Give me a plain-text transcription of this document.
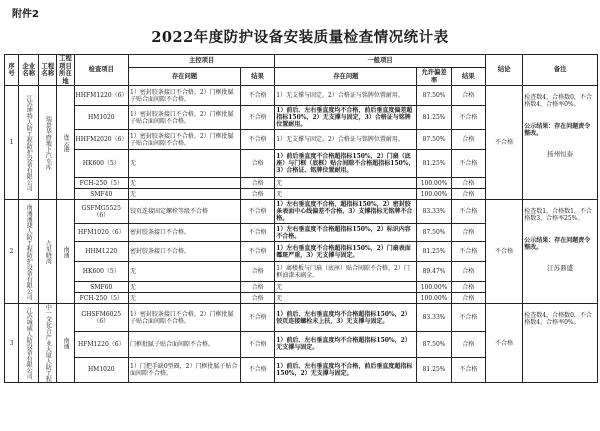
附件2
2022年度防护设备安装质量检查情况统计表
序号	企业名称	工程名称	工程项目所在地	检查项目	主控项目		一般项目			结论	备注
					存在问题	结果	存在问题	允许偏差率	结果		
1	江苏坤特人防工程防护设备有限公司	瑞景华府地下汽车库	连云港	HHFM1220（6）	1）密封胶条接口不合格。2）门框批腻子贴合面间隙不合格。	不合格	1）无支撑与固定。2）合格证与铭牌位置耐用。	87.50%	合格	不合格	检查数4，合格数0，不合格数4，合格率0%。
公示结果：存在问题责令整改。
扬州恒泰

				HM1020	1）密封胶条接口不合格。2）门框批腻子贴合面间隙不合格。	不合格	1）前后、左右垂直度均不合格，前后垂直度偏差超指标150%，2）无支撑与固定，3）合格证与铭牌位置耐用。	81.25%	不合格		
				HHFM2020（6）	1）密封胶条接口不合格。2）门框批腻子贴合面间隙不合格。	不合格	1）无支撑与固定。2）合格证与铭牌位置耐用。	87.50%	合格		
				HK600（5）	无	合格	1）前后垂直度不合格超指标150%，2）门扇（底座）与门框（底框）贴合间隙不合格超指标150%，3）合格证、铭牌位置耐用。	81.25%	不合格		
				FCH-250（5）	无	合格	无	100.00%	合格		
				SMF40	无	合格	无	100.00%	合格		
2	南通通捷人防工程防护设备有限公司	九里晓湾	南通	GSFMG5525（6）	铰页连接固定螺栓等级不合格	不合格	1）左右垂直度不合格，超指标150%，2）密封胶条表面中心线偏差不合格，3）支撑指标无铭牌不合格。	83.33%	不合格	不合格	检查数1，合格数1，不合格数3，合格率25%。
公示结果：存在问题责令整改。
江苏鼎盛

				HFM1020（6）	密封胶条接口不合格。	不合格	1）左右垂直度不合格超指标150%，2）标识内容不合格。	87.50%	合格		
				HHM1220	密封胶条接口不合格。	不合格	1）左右垂直度不合格超指标150%，2）门扇表面霉斑严重，3）无支撑与固定。	81.25%	不合格		
				HK600（5）	无	合格	1）离楼板与门扇（底座）贴合间隙不合格，2）门框油漆未刷全。	89.47%	合格		
				SMF60	无	合格	无	100.00%	合格		
				FCH-250（5）	无	合格	无	100.00%	合格		
3	江苏城威人防设备有限公司	中一文化合产业大厦人防工程	南通	GHSFM6025（6）	1）密封胶条接口不合格。2）门框批腻子贴合面间隙不合格。	不合格	1）前后、左右垂直度均不合格超指标150%，2）铰页连接螺栓未上扶，3）无支撑与固定。	83.33%	不合格	不合格	检查数4，合格数0，不合格数4，合格率0%。

				HFM1220（6）	门框批腻子贴合面间隙不合格。	不合格	1）前后、左右垂直度均不合格超指标150%，2）无支撑与固定。	87.50%	合格		
				HM1020	1）门把手缺0型圈，2）门框批腻子贴合面间隙不合格。	不合格	1）前后、左右垂直度均不合格，前后垂直度超指标150%，2）无支撑与固定。	81.25%	不合格		
